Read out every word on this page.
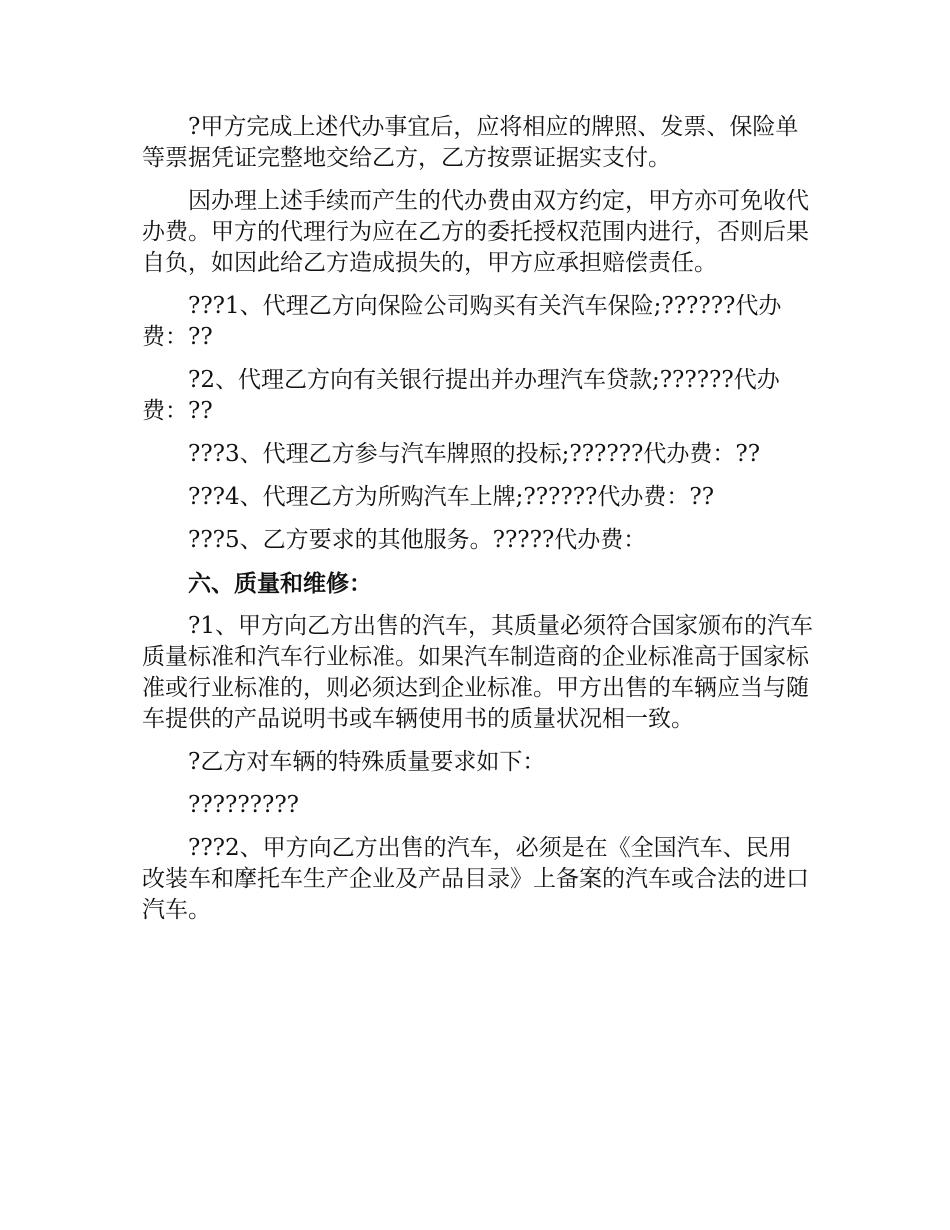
?甲方完成上述代办事宜后，应将相应的牌照、发票、保险单等票据凭证完整地交给乙方，乙方按票证据实支付。

因办理上述手续而产生的代办费由双方约定，甲方亦可免收代办费。甲方的代理行为应在乙方的委托授权范围内进行，否则后果自负，如因此给乙方造成损失的，甲方应承担赔偿责任。

???1、代理乙方向保险公司购买有关汽车保险;??????代办费：??

?2、代理乙方向有关银行提出并办理汽车贷款;??????代办费：??

???3、代理乙方参与汽车牌照的投标;??????代办费：??

???4、代理乙方为所购汽车上牌;??????代办费：??

???5、乙方要求的其他服务。?????代办费：

六、质量和维修：

?1、甲方向乙方出售的汽车，其质量必须符合国家颁布的汽车质量标准和汽车行业标准。如果汽车制造商的企业标准高于国家标准或行业标准的，则必须达到企业标准。甲方出售的车辆应当与随车提供的产品说明书或车辆使用书的质量状况相一致。

?乙方对车辆的特殊质量要求如下：

?????????

???2、甲方向乙方出售的汽车，必须是在《全国汽车、民用改装车和摩托车生产企业及产品目录》上备案的汽车或合法的进口汽车。
